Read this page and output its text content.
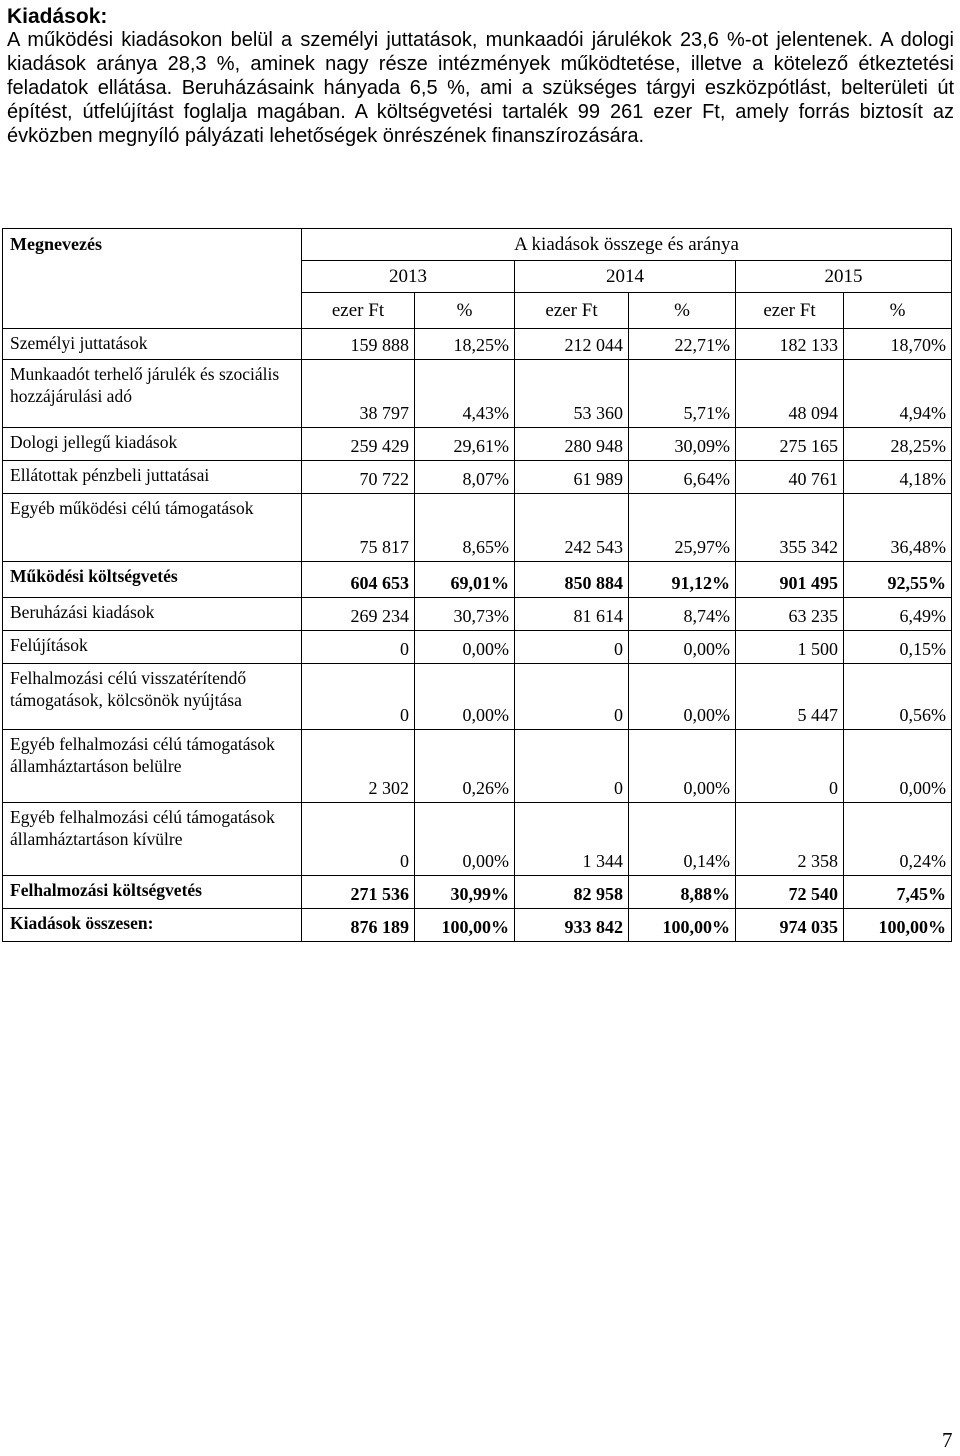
Kiadások:

A működési kiadásokon belül a személyi juttatások, munkaadói járulékok 23,6 %-ot jelentenek. A dologi kiadások aránya 28,3 %, aminek nagy része intézmények működtetése, illetve a kötelező étkeztetési feladatok ellátása. Beruházásaink hányada 6,5 %, ami a szükséges tárgyi eszközpótlást, belterületi út építést, útfelújítást foglalja magában. A költségvetési tartalék 99 261 ezer Ft, amely forrás biztosít az évközben megnyíló pályázati lehetőségek önrészének finanszírozására.

Megnevezés	A kiadások összege és aránya					
	2013		2014		2015	
	ezer Ft	%	ezer Ft	%	ezer Ft	%
Személyi juttatások	159 888	18,25%	212 044	22,71%	182 133	18,70%
Munkaadót terhelő járulék és szociális hozzájárulási adó	38 797	4,43%	53 360	5,71%	48 094	4,94%
Dologi jellegű kiadások	259 429	29,61%	280 948	30,09%	275 165	28,25%
Ellátottak pénzbeli juttatásai	70 722	8,07%	61 989	6,64%	40 761	4,18%
Egyéb működési célú támogatások	75 817	8,65%	242 543	25,97%	355 342	36,48%
Működési költségvetés	604 653	69,01%	850 884	91,12%	901 495	92,55%
Beruházási kiadások	269 234	30,73%	81 614	8,74%	63 235	6,49%
Felújítások	0	0,00%	0	0,00%	1 500	0,15%
Felhalmozási célú visszatérítendő támogatások, kölcsönök nyújtása	0	0,00%	0	0,00%	5 447	0,56%
Egyéb felhalmozási célú támogatások államháztartáson belülre	2 302	0,26%	0	0,00%	0	0,00%
Egyéb felhalmozási célú támogatások államháztartáson kívülre	0	0,00%	1 344	0,14%	2 358	0,24%
Felhalmozási költségvetés	271 536	30,99%	82 958	8,88%	72 540	7,45%
Kiadások összesen:	876 189	100,00%	933 842	100,00%	974 035	100,00%
7
